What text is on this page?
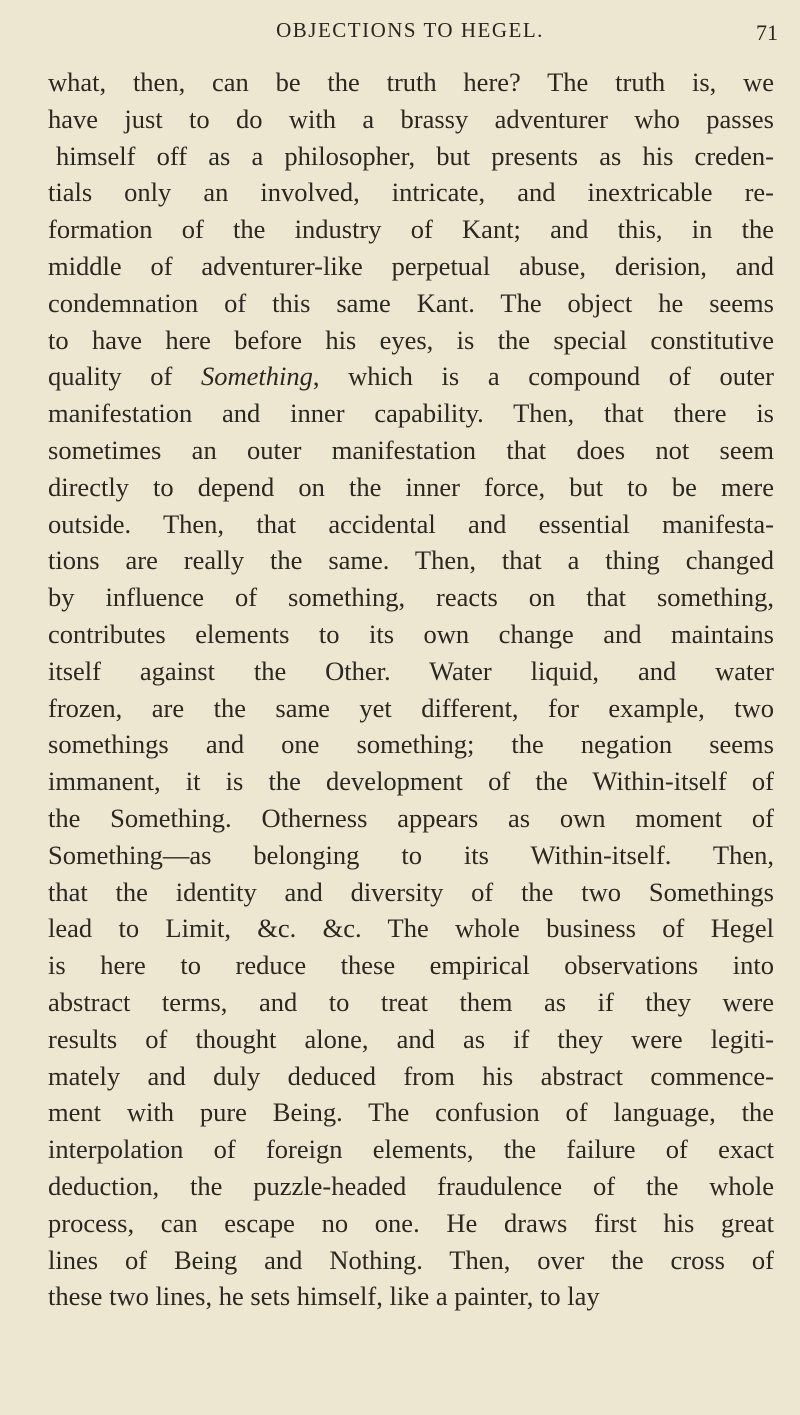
OBJECTIONS TO HEGEL.	71
what, then, can be the truth here? The truth is, we
have just to do with a brassy adventurer who passes
himself off as a philosopher, but presents as his creden-
tials only an involved, intricate, and inextricable re-
formation of the industry of Kant; and this, in the
middle of adventurer-like perpetual abuse, derision, and
condemnation of this same Kant. The object he seems
to have here before his eyes, is the special constitutive
quality of Something, which is a compound of outer
manifestation and inner capability. Then, that there is
sometimes an outer manifestation that does not seem
directly to depend on the inner force, but to be mere
outside. Then, that accidental and essential manifesta-
tions are really the same. Then, that a thing changed
by influence of something, reacts on that something,
contributes elements to its own change and maintains
itself against the Other. Water liquid, and water
frozen, are the same yet different, for example, two
somethings and one something; the negation seems
immanent, it is the development of the Within-itself of
the Something. Otherness appears as own moment of
Something—as belonging to its Within-itself. Then,
that the identity and diversity of the two Somethings
lead to Limit, &c. &c. The whole business of Hegel
is here to reduce these empirical observations into
abstract terms, and to treat them as if they were
results of thought alone, and as if they were legiti-
mately and duly deduced from his abstract commence-
ment with pure Being. The confusion of language, the
interpolation of foreign elements, the failure of exact
deduction, the puzzle-headed fraudulence of the whole
process, can escape no one. He draws first his great
lines of Being and Nothing. Then, over the cross of
these two lines, he sets himself, like a painter, to lay
